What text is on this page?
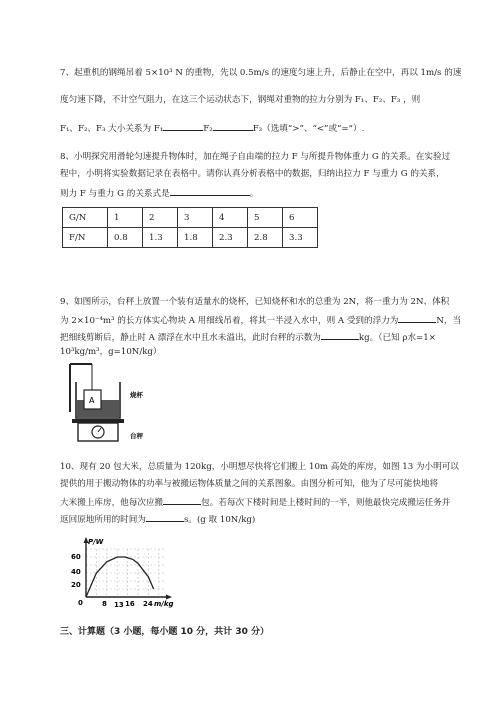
7、起重机的钢绳吊着 5×10³ N 的重物，先以 0.5m/s 的速度匀速上升，后静止在空中，再以 1m/s 的速
度匀速下降，不计空气阻力，在这三个运动状态下，钢绳对重物的拉力分别为 F₁、F₂、F₃ ，则
F₁、F₂、F₃ 大小关系为 F₁	F₂	F₃（选填“>”、“<”或“=”）.
8、小明探究用滑轮匀速提升物体时，加在绳子自由端的拉力 F 与所提升物体重力 G 的关系。在实验过
程中，小明将实验数据记录在表格中。请你认真分析表格中的数据，归纳出拉力 F 与重力 G 的关系，
则力 F 与重力 G 的关系式是	。
G/N	1	2	3	4	5	6
F/N	0.8	1.3	1.8	2.3	2.8	3.3
9、如图所示，台秤上放置一个装有适量水的烧杯，已知烧杯和水的总重为 2N，将一重力为 2N、体积
为 2×10⁻⁴m³ 的长方体实心物块 A 用细线吊着，将其一半浸入水中，则 A 受到的浮力为	N，当
把细线剪断后，静止时 A 漂浮在水中且水未溢出，此时台秤的示数为	kg。（已知 ρ水=1×
10³kg/m³，g=10N/kg）
A
烧杯
台秤
10、现有 20 包大米，总质量为 120kg，小明想尽快将它们搬上 10m 高处的库房，如图 13 为小明可以
提供的用于搬动物体的功率与被搬运物体质量之间的关系图象。由图分析可知，他为了尽可能快地将
大米搬上库房，他每次应搬	包。若每次下楼时间是上楼时间的一半，则他最快完成搬运任务并
返回原地所用的时间为	s。(g 取 10N/kg)
P/W
60
40
20
0	8 13 16 24 m/kg
三、计算题（3 小题，每小题 10 分，共计 30 分）
